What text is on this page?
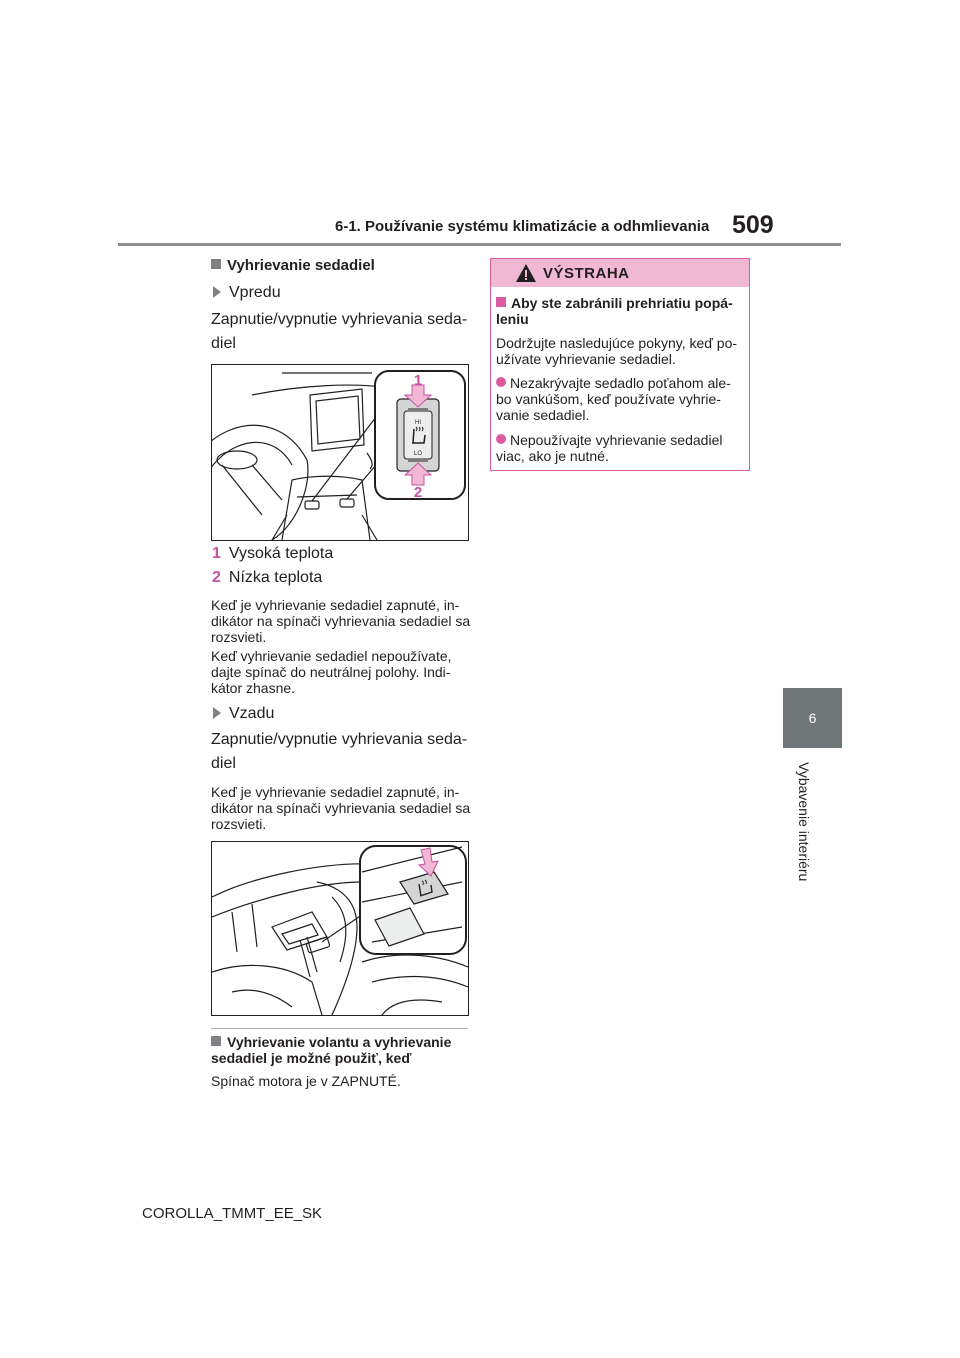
6-1. Používanie systému klimatizácie a odhmlievania 509
6
Vybavenie interiéru
Vyhrievanie sedadiel
Vpredu
Zapnutie/vypnutie vyhrievania seda-diel
HI
LO
1
2
1 Vysoká teplota
2 Nízka teplota
Keď je vyhrievanie sedadiel zapnuté, in-dikátor na spínači vyhrievania sedadiel sa rozsvieti.
Keď vyhrievanie sedadiel nepoužívate, dajte spínač do neutrálnej polohy. Indi-kátor zhasne.
Vzadu
Zapnutie/vypnutie vyhrievania seda-diel
Keď je vyhrievanie sedadiel zapnuté, in-dikátor na spínači vyhrievania sedadiel sa rozsvieti.
Vyhrievanie volantu a vyhrievanie sedadiel je možné použiť, keď
Spínač motora je v ZAPNUTÉ.
VÝSTRAHA
Aby ste zabránili prehriatiu popá-leniu
Dodržujte nasledujúce pokyny, keď po-užívate vyhrievanie sedadiel.
Nezakrývajte sedadlo poťahom ale-bo vankúšom, keď používate vyhrie-vanie sedadiel.
Nepoužívajte vyhrievanie sedadiel viac, ako je nutné.
COROLLA_TMMT_EE_SK
